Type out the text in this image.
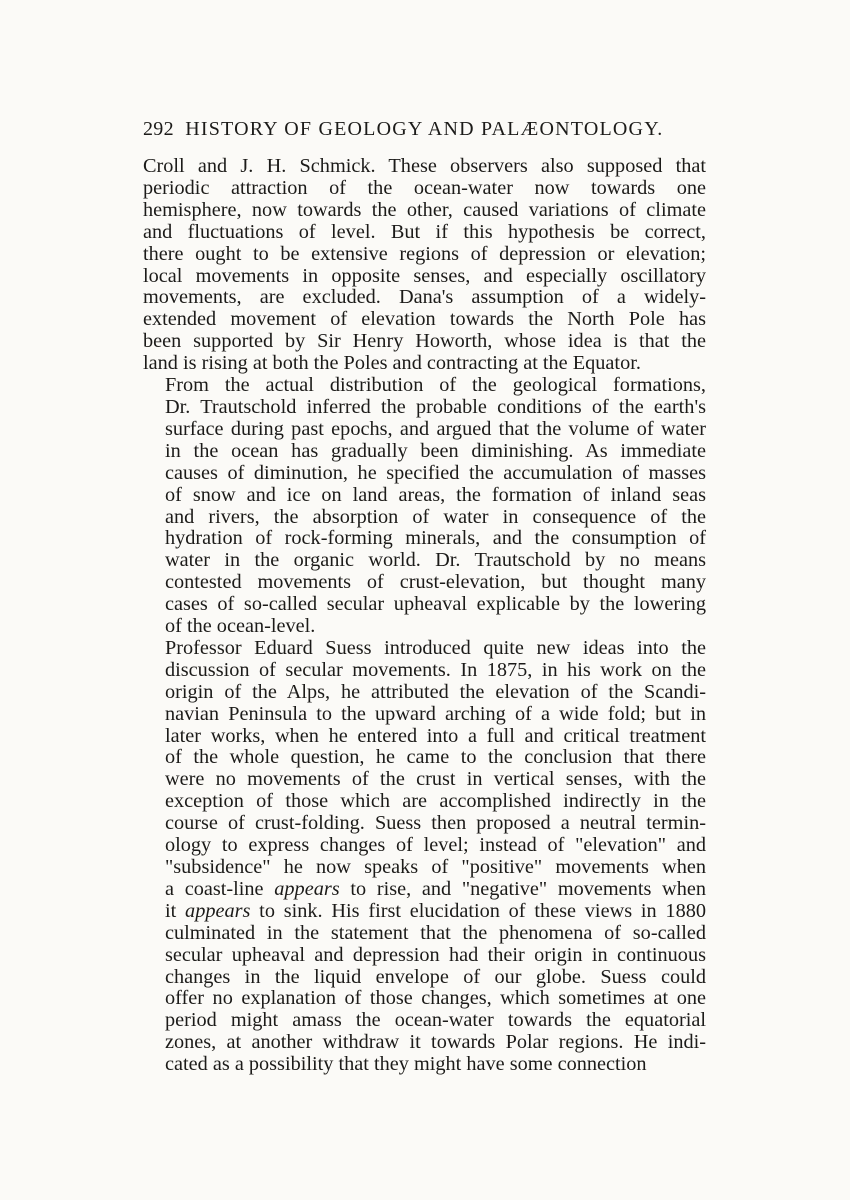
292 HISTORY OF GEOLOGY AND PALÆONTOLOGY.

Croll and J. H. Schmick. These observers also supposed that
periodic attraction of the ocean-water now towards one
hemisphere, now towards the other, caused variations of climate
and fluctuations of level. But if this hypothesis be correct,
there ought to be extensive regions of depression or elevation;
local movements in opposite senses, and especially oscillatory
movements, are excluded. Dana's assumption of a widely-
extended movement of elevation towards the North Pole has
been supported by Sir Henry Howorth, whose idea is that the
land is rising at both the Poles and contracting at the Equator.

From the actual distribution of the geological formations,
Dr. Trautschold inferred the probable conditions of the earth's
surface during past epochs, and argued that the volume of water
in the ocean has gradually been diminishing. As immediate
causes of diminution, he specified the accumulation of masses
of snow and ice on land areas, the formation of inland seas
and rivers, the absorption of water in consequence of the
hydration of rock-forming minerals, and the consumption of
water in the organic world. Dr. Trautschold by no means
contested movements of crust-elevation, but thought many
cases of so-called secular upheaval explicable by the lowering
of the ocean-level.

Professor Eduard Suess introduced quite new ideas into the
discussion of secular movements. In 1875, in his work on the
origin of the Alps, he attributed the elevation of the Scandi-
navian Peninsula to the upward arching of a wide fold; but in
later works, when he entered into a full and critical treatment
of the whole question, he came to the conclusion that there
were no movements of the crust in vertical senses, with the
exception of those which are accomplished indirectly in the
course of crust-folding. Suess then proposed a neutral termin-
ology to express changes of level; instead of "elevation" and
"subsidence" he now speaks of "positive" movements when
a coast-line appears to rise, and "negative" movements when
it appears to sink. His first elucidation of these views in 1880
culminated in the statement that the phenomena of so-called
secular upheaval and depression had their origin in continuous
changes in the liquid envelope of our globe. Suess could
offer no explanation of those changes, which sometimes at one
period might amass the ocean-water towards the equatorial
zones, at another withdraw it towards Polar regions. He indi-
cated as a possibility that they might have some connection
